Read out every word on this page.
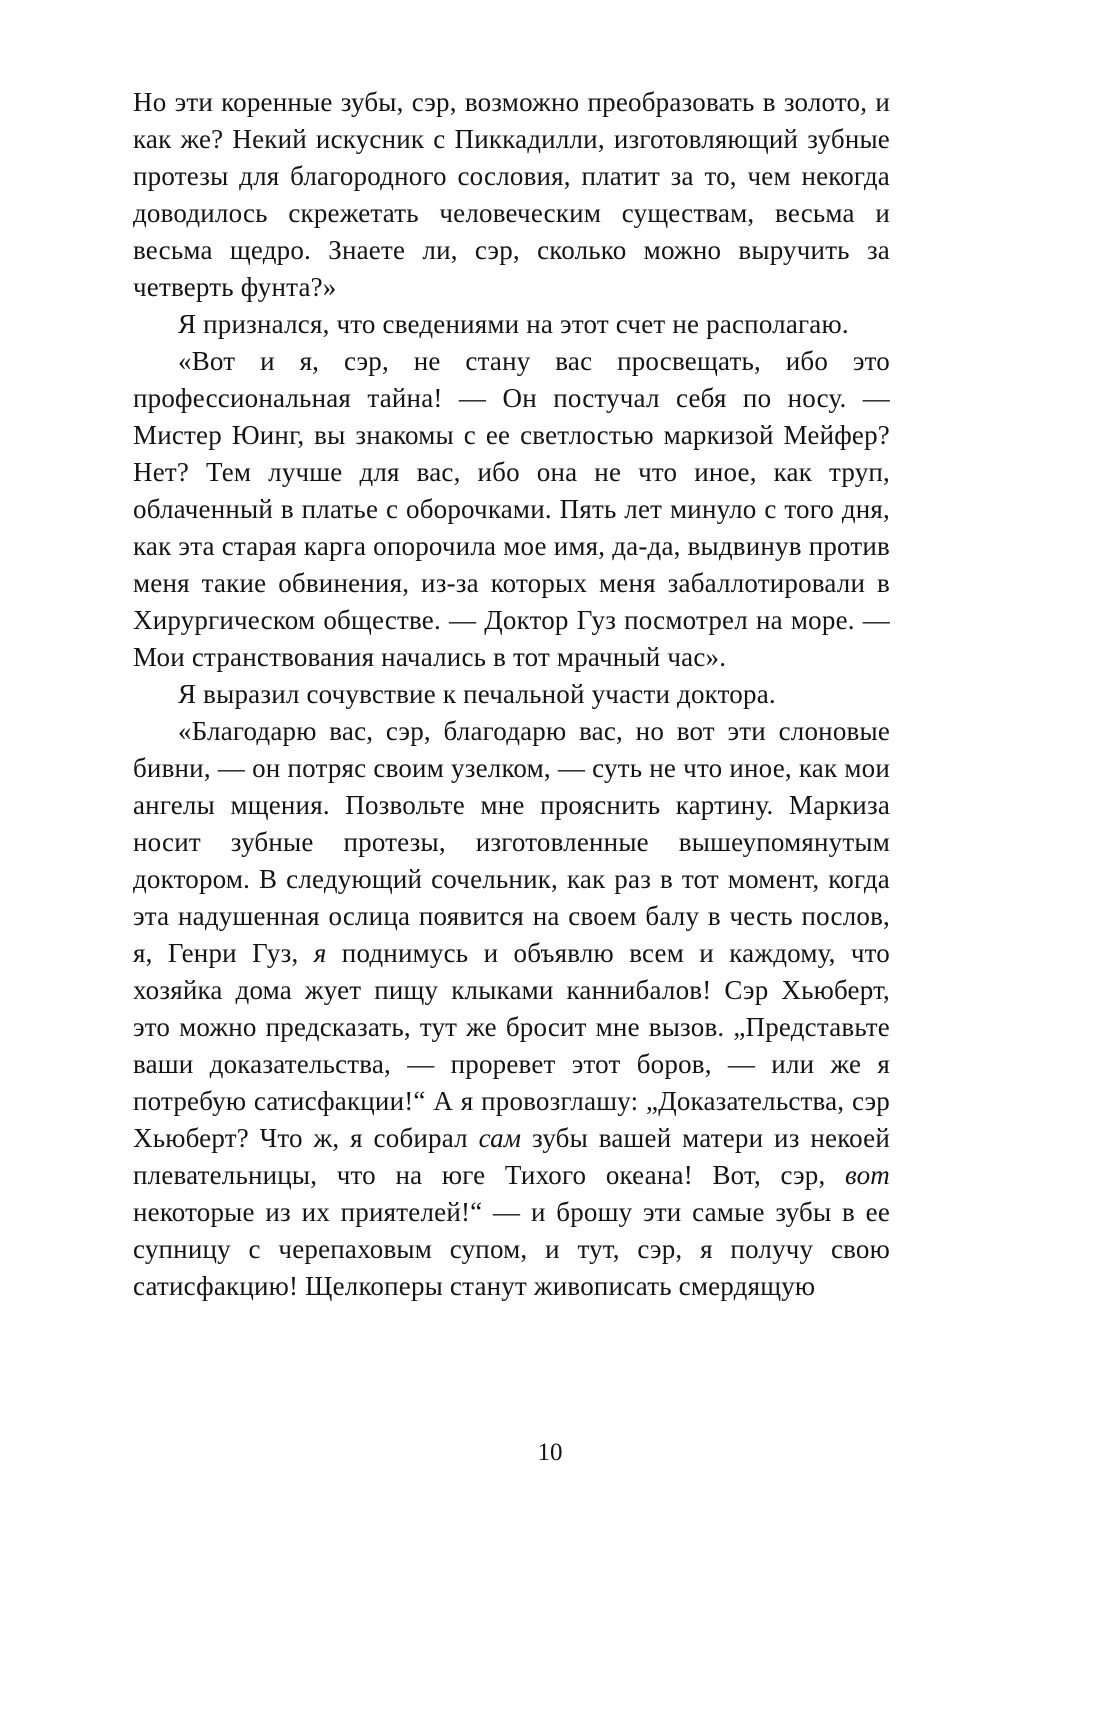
Но эти коренные зубы, сэр, возможно преобразовать в золото, и как же? Некий искусник с Пиккадилли, изготовляющий зубные протезы для благородного сословия, платит за то, чем некогда доводилось скрежетать человеческим существам, весьма и весьма щедро. Знаете ли, сэр, сколько можно выручить за четверть фунта?»

Я признался, что сведениями на этот счет не располагаю.

«Вот и я, сэр, не стану вас просвещать, ибо это профессиональная тайна! — Он постучал себя по носу. — Мистер Юинг, вы знакомы с ее светлостью маркизой Мейфер? Нет? Тем лучше для вас, ибо она не что иное, как труп, облаченный в платье с оборочками. Пять лет минуло с того дня, как эта старая карга опорочила мое имя, да-да, выдвинув против меня такие обвинения, из-за которых меня забаллотировали в Хирургическом обществе. — Доктор Гуз посмотрел на море. — Мои странствования начались в тот мрачный час».

Я выразил сочувствие к печальной участи доктора.

«Благодарю вас, сэр, благодарю вас, но вот эти слоновые бивни, — он потряс своим узелком, — суть не что иное, как мои ангелы мщения. Позвольте мне прояснить картину. Маркиза носит зубные протезы, изготовленные вышеупомянутым доктором. В следующий сочельник, как раз в тот момент, когда эта надушенная ослица появится на своем балу в честь послов, я, Генри Гуз, я поднимусь и объявлю всем и каждому, что хозяйка дома жует пищу клыками каннибалов! Сэр Хьюберт, это можно предсказать, тут же бросит мне вызов. „Представьте ваши доказательства, — проревет этот боров, — или же я потребую сатисфакции!“ А я провозглашу: „Доказательства, сэр Хьюберт? Что ж, я собирал сам зубы вашей матери из некоей плевательницы, что на юге Тихого океана! Вот, сэр, вот некоторые из их приятелей!“ — и брошу эти самые зубы в ее супницу с черепаховым супом, и тут, сэр, я получу свою сатисфакцию! Щелкоперы станут живописать смердящую

10
